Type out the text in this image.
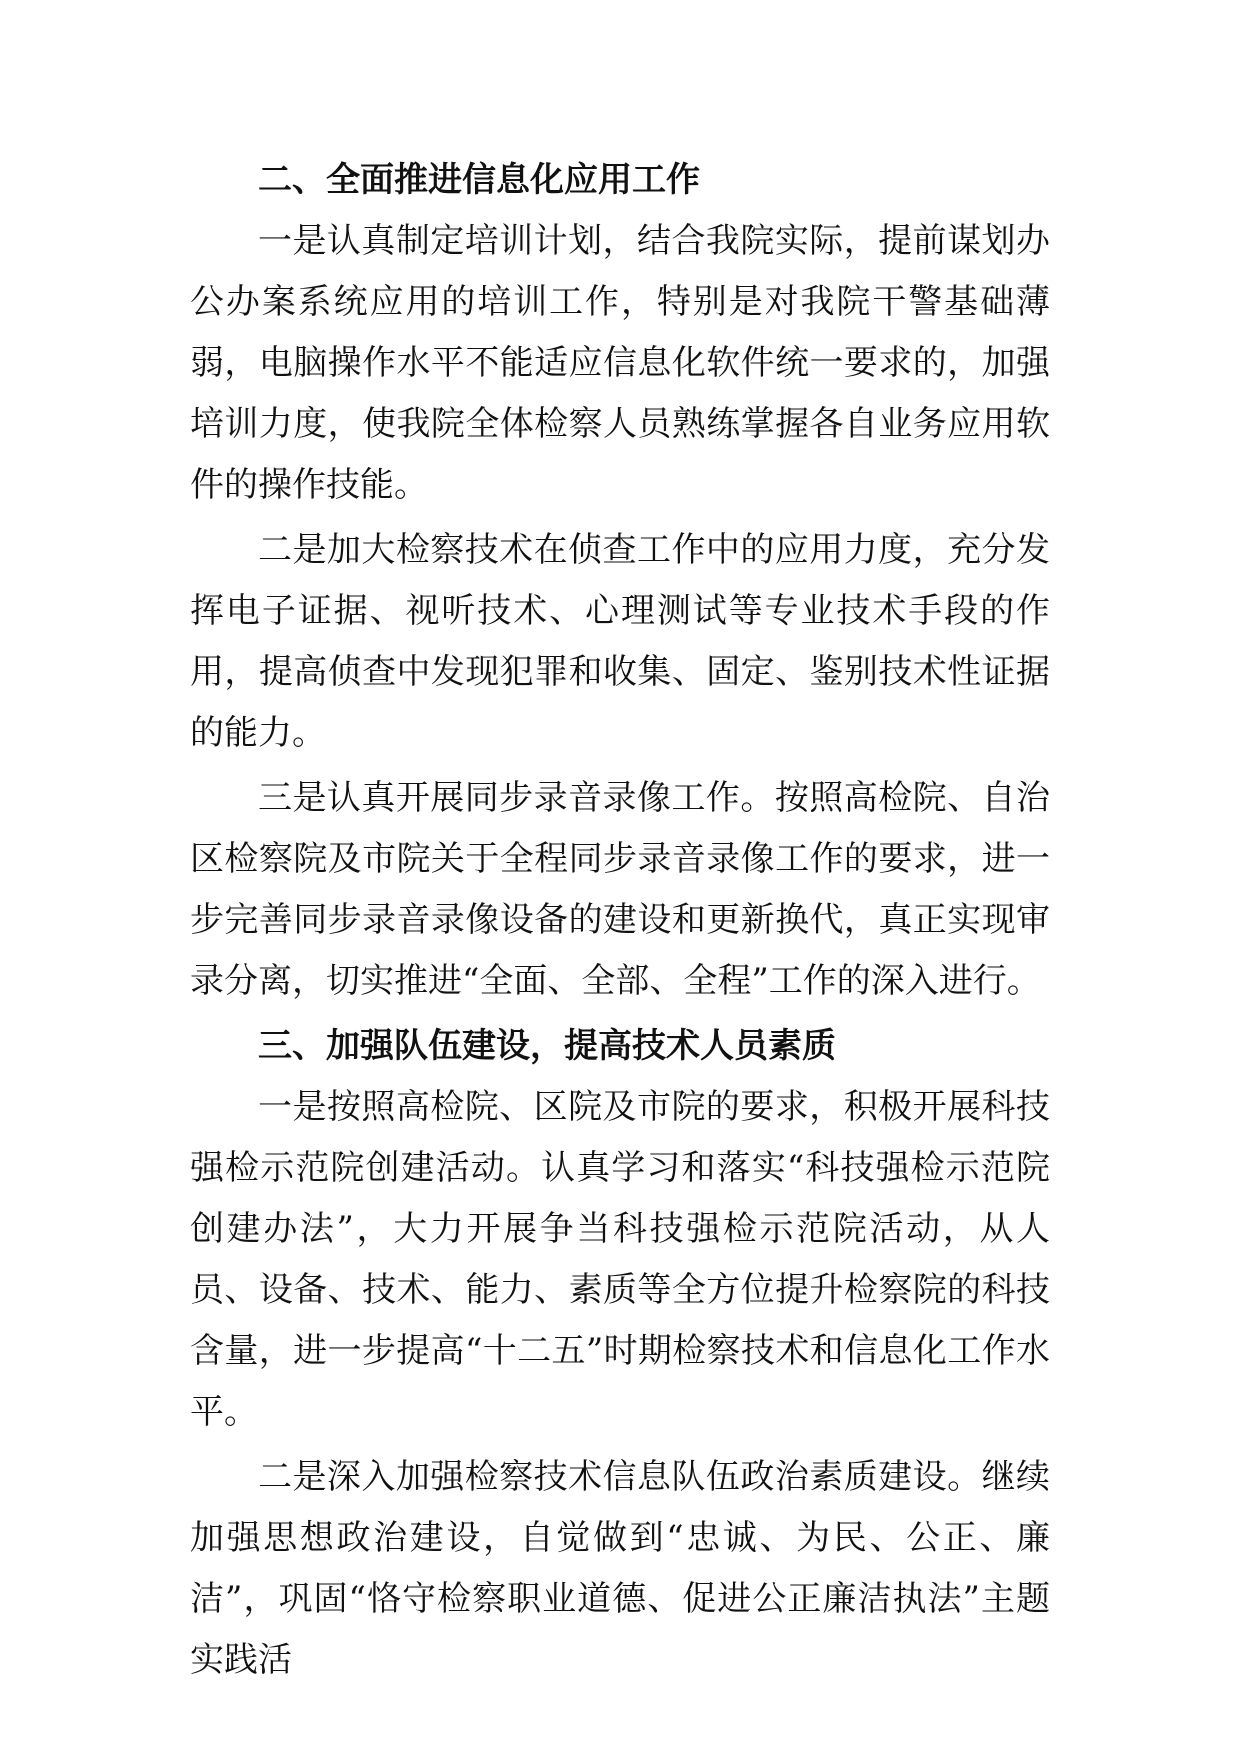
二、全面推进信息化应用工作

一是认真制定培训计划，结合我院实际，提前谋划办公办案系统应用的培训工作，特别是对我院干警基础薄弱，电脑操作水平不能适应信息化软件统一要求的，加强培训力度，使我院全体检察人员熟练掌握各自业务应用软件的操作技能。

二是加大检察技术在侦查工作中的应用力度，充分发挥电子证据、视听技术、心理测试等专业技术手段的作用，提高侦查中发现犯罪和收集、固定、鉴别技术性证据的能力。

三是认真开展同步录音录像工作。按照高检院、自治区检察院及市院关于全程同步录音录像工作的要求，进一步完善同步录音录像设备的建设和更新换代，真正实现审录分离，切实推进“全面、全部、全程”工作的深入进行。

三、加强队伍建设，提高技术人员素质

一是按照高检院、区院及市院的要求，积极开展科技强检示范院创建活动。认真学习和落实“科技强检示范院创建办法”，大力开展争当科技强检示范院活动，从人员、设备、技术、能力、素质等全方位提升检察院的科技含量，进一步提高“十二五”时期检察技术和信息化工作水平。

二是深入加强检察技术信息队伍政治素质建设。继续加强思想政治建设，自觉做到“忠诚、为民、公正、廉洁”，巩固“恪守检察职业道德、促进公正廉洁执法”主题实践活
